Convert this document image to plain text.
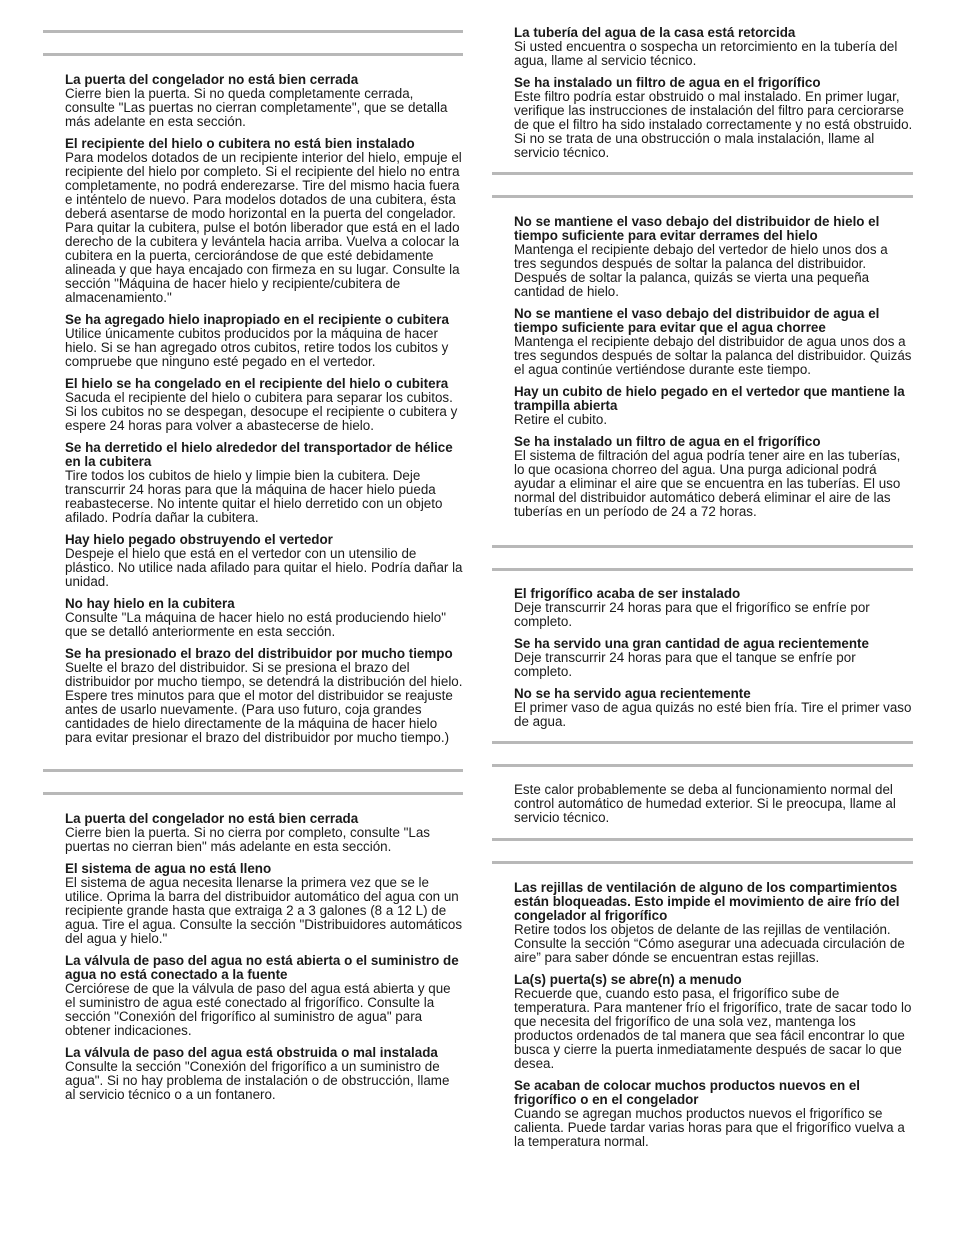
La puerta del congelador no está bien cerrada
Cierre bien la puerta. Si no queda completamente cerrada, consulte "Las puertas no cierran completamente", que se detalla más adelante en esta sección.
El recipiente del hielo o cubitera no está bien instalado
Para modelos dotados de un recipiente interior del hielo, empuje el recipiente del hielo por completo. Si el recipiente del hielo no entra completamente, no podrá enderezarse. Tire del mismo hacia fuera e inténtelo de nuevo. Para modelos dotados de una cubitera, ésta deberá asentarse de modo horizontal en la puerta del congelador. Para quitar la cubitera, pulse el botón liberador que está en el lado derecho de la cubitera y levántela hacia arriba. Vuelva a colocar la cubitera en la puerta, cerciorándose de que esté debidamente alineada y que haya encajado con firmeza en su lugar. Consulte la sección "Máquina de hacer hielo y recipiente/cubitera de almacenamiento."
Se ha agregado hielo inapropiado en el recipiente o cubitera
Utilice únicamente cubitos producidos por la máquina de hacer hielo. Si se han agregado otros cubitos, retire todos los cubitos y compruebe que ninguno esté pegado en el vertedor.
El hielo se ha congelado en el recipiente del hielo o cubitera
Sacuda el recipiente del hielo o cubitera para separar los cubitos. Si los cubitos no se despegan, desocupe el recipiente o cubitera y espere 24 horas para volver a abastecerse de hielo.
Se ha derretido el hielo alrededor del transportador de hélice en la cubitera
Tire todos los cubitos de hielo y limpie bien la cubitera. Deje transcurrir 24 horas para que la máquina de hacer hielo pueda reabastecerse. No intente quitar el hielo derretido con un objeto afilado. Podría dañar la cubitera.
Hay hielo pegado obstruyendo el vertedor
Despeje el hielo que está en el vertedor con un utensilio de plástico. No utilice nada afilado para quitar el hielo. Podría dañar la unidad.
No hay hielo en la cubitera
Consulte "La máquina de hacer hielo no está produciendo hielo" que se detalló anteriormente en esta sección.
Se ha presionado el brazo del distribuidor por mucho tiempo
Suelte el brazo del distribuidor. Si se presiona el brazo del distribuidor por mucho tiempo, se detendrá la distribución del hielo. Espere tres minutos para que el motor del distribuidor se reajuste antes de usarlo nuevamente. (Para uso futuro, coja grandes cantidades de hielo directamente de la máquina de hacer hielo para evitar presionar el brazo del distribuidor por mucho tiempo.)
La puerta del congelador no está bien cerrada
Cierre bien la puerta. Si no cierra por completo, consulte "Las puertas no cierran bien" más adelante en esta sección.
El sistema de agua no está lleno
El sistema de agua necesita llenarse la primera vez que se le utilice. Oprima la barra del distribuidor automático del agua con un recipiente grande hasta que extraiga 2 a 3 galones (8 a 12 L) de agua. Tire el agua. Consulte la sección "Distribuidores automáticos del agua y hielo."
La válvula de paso del agua no está abierta o el suministro de agua no está conectado a la fuente
Cerciórese de que la válvula de paso del agua está abierta y que el suministro de agua esté conectado al frigorífico. Consulte la sección "Conexión del frigorífico al suministro de agua" para obtener indicaciones.
La válvula de paso del agua está obstruida o mal instalada
Consulte la sección "Conexión del frigorífico a un suministro de agua". Si no hay problema de instalación o de obstrucción, llame al servicio técnico o a un fontanero.
La tubería del agua de la casa está retorcida
Si usted encuentra o sospecha un retorcimiento en la tubería del agua, llame al servicio técnico.
Se ha instalado un filtro de agua en el frigorífico
Este filtro podría estar obstruido o mal instalado. En primer lugar, verifique las instrucciones de instalación del filtro para cerciorarse de que el filtro ha sido instalado correctamente y no está obstruido. Si no se trata de una obstrucción o mala instalación, llame al servicio técnico.
No se mantiene el vaso debajo del distribuidor de hielo el tiempo suficiente para evitar derrames del hielo
Mantenga el recipiente debajo del vertedor de hielo unos dos a tres segundos después de soltar la palanca del distribuidor. Después de soltar la palanca, quizás se vierta una pequeña cantidad de hielo.
No se mantiene el vaso debajo del distribuidor de agua el tiempo suficiente para evitar que el agua chorree
Mantenga el recipiente debajo del distribuidor de agua unos dos a tres segundos después de soltar la palanca del distribuidor. Quizás el agua continúe vertiéndose durante este tiempo.
Hay un cubito de hielo pegado en el vertedor que mantiene la trampilla abierta
Retire el cubito.
Se ha instalado un filtro de agua en el frigorífico
El sistema de filtración del agua podría tener aire en las tuberías, lo que ocasiona chorreo del agua. Una purga adicional podrá ayudar a eliminar el aire que se encuentra en las tuberías. El uso normal del distribuidor automático deberá eliminar el aire de las tuberías en un período de 24 a 72 horas.
El frigorífico acaba de ser instalado
Deje transcurrir 24 horas para que el frigorífico se enfríe por completo.
Se ha servido una gran cantidad de agua recientemente
Deje transcurrir 24 horas para que el tanque se enfríe por completo.
No se ha servido agua recientemente
El primer vaso de agua quizás no esté bien fría. Tire el primer vaso de agua.
Este calor probablemente se deba al funcionamiento normal del control automático de humedad exterior. Si le preocupa, llame al servicio técnico.
Las rejillas de ventilación de alguno de los compartimientos están bloqueadas. Esto impide el movimiento de aire frío del congelador al frigorífico
Retire todos los objetos de delante de las rejillas de ventilación. Consulte la sección “Cómo asegurar una adecuada circulación de aire” para saber dónde se encuentran estas rejillas.
La(s) puerta(s) se abre(n) a menudo
Recuerde que, cuando esto pasa, el frigorífico sube de temperatura. Para mantener frío el frigorífico, trate de sacar todo lo que necesita del frigorífico de una sola vez, mantenga los productos ordenados de tal manera que sea fácil encontrar lo que busca y cierre la puerta inmediatamente después de sacar lo que desea.
Se acaban de colocar muchos productos nuevos en el frigorífico o en el congelador
Cuando se agregan muchos productos nuevos el frigorífico se calienta. Puede tardar varias horas para que el frigorífico vuelva a la temperatura normal.
